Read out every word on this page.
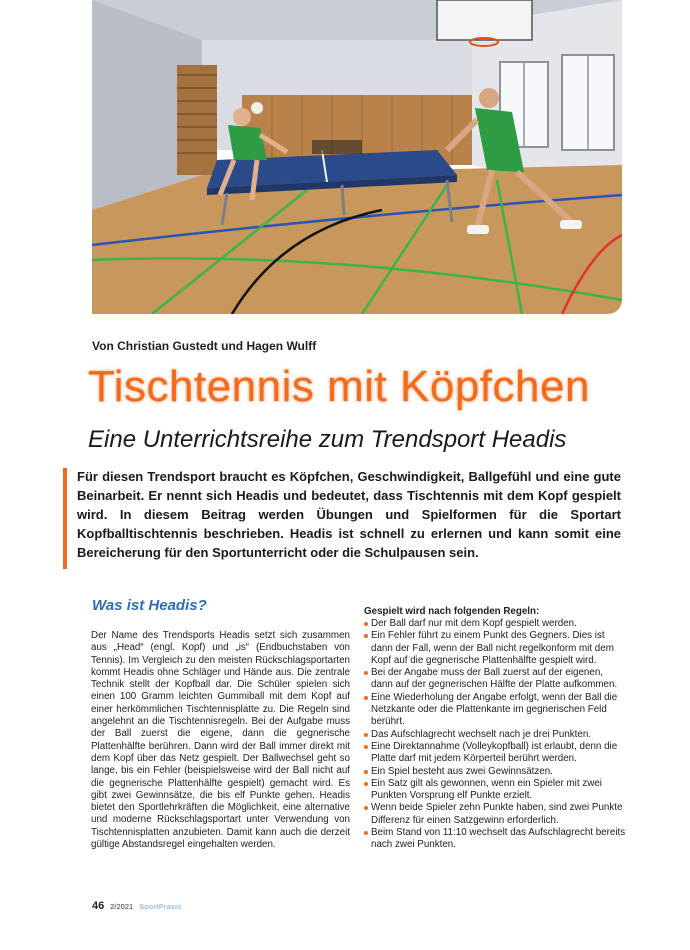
Von Christian Gustedt und Hagen Wulff
Tischtennis mit Köpfchen
Eine Unterrichtsreihe zum Trendsport Headis

Für diesen Trendsport braucht es Köpfchen, Geschwindigkeit, Ballgefühl und eine gute Beinarbeit. Er nennt sich Headis und bedeutet, dass Tischtennis mit dem Kopf gespielt wird. In diesem Beitrag werden Übungen und Spielformen für die Sportart Kopfballtischtennis beschrieben. Headis ist schnell zu erlernen und kann somit eine Bereicherung für den Sportunterricht oder die Schulpausen sein.

Was ist Headis?

Der Name des Trendsports Headis setzt sich zusammen aus „Head“ (engl. Kopf) und „is“ (Endbuchstaben von Tennis). Im Vergleich zu den meisten Rückschlagsportarten kommt Headis ohne Schläger und Hände aus. Die zentrale Technik stellt der Kopfball dar. Die Schüler spielen sich einen 100 Gramm leichten Gummiball mit dem Kopf auf einer herkömmlichen Tischtennisplatte zu. Die Regeln sind angelehnt an die Tischtennisregeln. Bei der Aufgabe muss der Ball zuerst die eigene, dann die gegnerische Plattenhälfte berühren. Dann wird der Ball immer direkt mit dem Kopf über das Netz gespielt. Der Ballwechsel geht so lange, bis ein Fehler (beispielsweise wird der Ball nicht auf die gegnerische Plattenhälfte gespielt) gemacht wird. Es gibt zwei Gewinnsätze, die bis elf Punkte gehen. Headis bietet den Sportlehrkräften die Möglichkeit, eine alternative und moderne Rückschlagsportart unter Verwendung von Tischtennisplatten anzubieten. Damit kann auch die derzeit gültige Abstandsregel eingehalten werden.

Gespielt wird nach folgenden Regeln:
Der Ball darf nur mit dem Kopf gespielt werden.
Ein Fehler führt zu einem Punkt des Gegners. Dies ist dann der Fall, wenn der Ball nicht regelkonform mit dem Kopf auf die gegnerische Plattenhälfte gespielt wird.
Bei der Angabe muss der Ball zuerst auf der eigenen, dann auf der gegnerischen Hälfte der Platte aufkommen.
Eine Wiederholung der Angabe erfolgt, wenn der Ball die Netzkante oder die Plattenkante im gegnerischen Feld berührt.
Das Aufschlagrecht wechselt nach je drei Punkten.
Eine Direktannahme (Volleykopfball) ist erlaubt, denn die Platte darf mit jedem Körperteil berührt werden.
Ein Spiel besteht aus zwei Gewinnsätzen.
Ein Satz gilt als gewonnen, wenn ein Spieler mit zwei Punkten Vorsprung elf Punkte erzielt.
Wenn beide Spieler zehn Punkte haben, sind zwei Punkte Differenz für einen Satzgewinn erforderlich.
Beim Stand von 11:10 wechselt das Aufschlagrecht bereits nach zwei Punkten.
46 2/2021 SportPraxis
